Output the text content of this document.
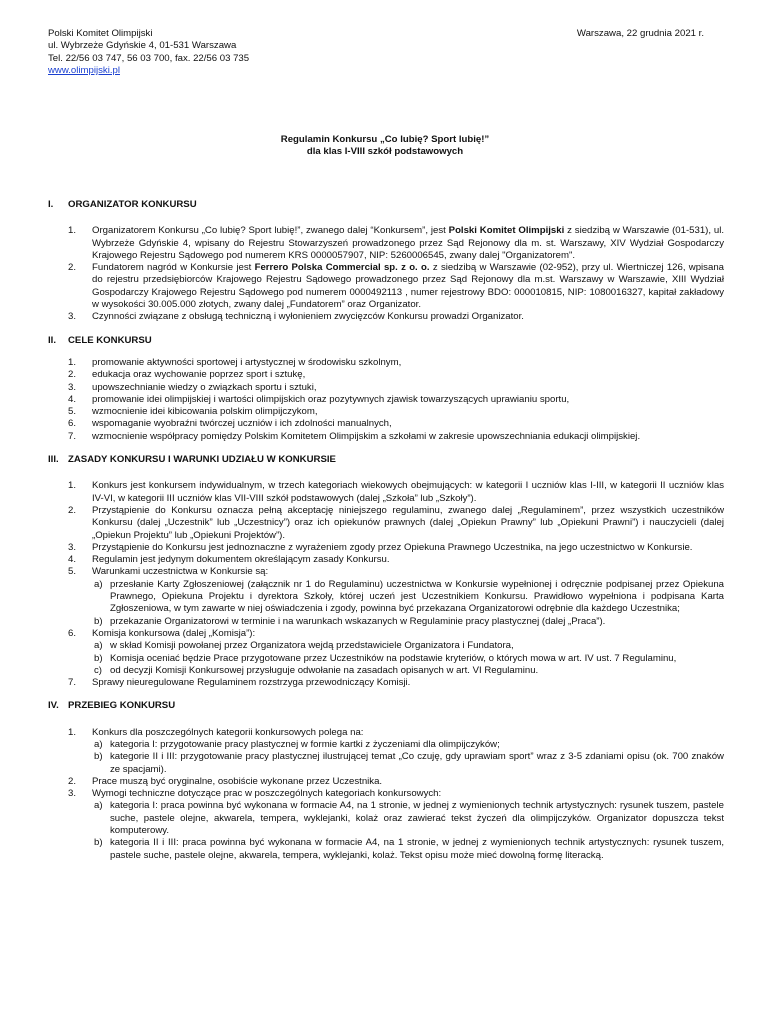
Polski Komitet Olimpijski
ul. Wybrzeże Gdyńskie 4, 01-531 Warszawa
Tel. 22/56 03 747, 56 03 700, fax. 22/56 03 735
www.olimpijski.pl
Warszawa, 22 grudnia 2021 r.
Regulamin Konkursu „Co lubię? Sport lubię!”
dla klas I-VIII szkół podstawowych
I. ORGANIZATOR KONKURSU
1. Organizatorem Konkursu „Co lubię? Sport lubię!”, zwanego dalej “Konkursem”, jest Polski Komitet Olimpijski z siedzibą w Warszawie (01-531), ul. Wybrzeże Gdyńskie 4, wpisany do Rejestru Stowarzyszeń prowadzonego przez Sąd Rejonowy dla m. st. Warszawy, XIV Wydział Gospodarczy Krajowego Rejestru Sądowego pod numerem KRS 0000057907, NIP: 5260006545, zwany dalej "Organizatorem".
2. Fundatorem nagród w Konkursie jest Ferrero Polska Commercial sp. z o. o. z siedzibą w Warszawie (02-952), przy ul. Wiertniczej 126, wpisana do rejestru przedsiębiorców Krajowego Rejestru Sądowego prowadzonego przez Sąd Rejonowy dla m.st. Warszawy w Warszawie, XIII Wydział Gospodarczy Krajowego Rejestru Sądowego pod numerem 0000492113 , numer rejestrowy BDO: 000010815, NIP: 1080016327, kapitał zakładowy w wysokości 30.005.000 złotych, zwany dalej „Fundatorem” oraz Organizator.
3. Czynności związane z obsługą techniczną i wyłonieniem zwycięzców Konkursu prowadzi Organizator.
II. CELE KONKURSU
1. promowanie aktywności sportowej i artystycznej w środowisku szkolnym,
2. edukacja oraz wychowanie poprzez sport i sztukę,
3. upowszechnianie wiedzy o związkach sportu i sztuki,
4. promowanie idei olimpijskiej i wartości olimpijskich oraz pozytywnych zjawisk towarzyszących uprawianiu sportu,
5. wzmocnienie idei kibicowania polskim olimpijczykom,
6. wspomaganie wyobraźni twórczej uczniów i ich zdolności manualnych,
7. wzmocnienie współpracy pomiędzy Polskim Komitetem Olimpijskim a szkołami w zakresie upowszechniania edukacji olimpijskiej.
III. ZASADY KONKURSU I WARUNKI UDZIAŁU W KONKURSIE
1. Konkurs jest konkursem indywidualnym, w trzech kategoriach wiekowych obejmujących: w kategorii I uczniów klas I-III, w kategorii II uczniów klas IV-VI, w kategorii III uczniów klas VII-VIII szkół podstawowych (dalej „Szkoła” lub „Szkoły”).
2. Przystąpienie do Konkursu oznacza pełną akceptację niniejszego regulaminu, zwanego dalej „Regulaminem”, przez wszystkich uczestników Konkursu (dalej „Uczestnik” lub „Uczestnicy”) oraz ich opiekunów prawnych (dalej „Opiekun Prawny” lub „Opiekuni Prawni”) i nauczycieli (dalej „Opiekun Projektu” lub „Opiekuni Projektów”).
3. Przystąpienie do Konkursu jest jednoznaczne z wyrażeniem zgody przez Opiekuna Prawnego Uczestnika, na jego uczestnictwo w Konkursie.
4. Regulamin jest jedynym dokumentem określającym zasady Konkursu.
5. Warunkami uczestnictwa w Konkursie są:
a) przesłanie Karty Zgłoszeniowej (załącznik nr 1 do Regulaminu) uczestnictwa w Konkursie wypełnionej i odręcznie podpisanej przez Opiekuna Prawnego, Opiekuna Projektu i dyrektora Szkoły, której uczeń jest Uczestnikiem Konkursu. Prawidłowo wypełniona i podpisana Karta Zgłoszeniowa, w tym zawarte w niej oświadczenia i zgody, powinna być przekazana Organizatorowi odrębnie dla każdego Uczestnika;
b) przekazanie Organizatorowi w terminie i na warunkach wskazanych w Regulaminie pracy plastycznej (dalej „Praca”).
6. Komisja konkursowa (dalej „Komisja”):
a) w skład Komisji powołanej przez Organizatora wejdą przedstawiciele Organizatora i Fundatora,
b) Komisja oceniać będzie Prace przygotowane przez Uczestników na podstawie kryteriów, o których mowa w art. IV ust. 7 Regulaminu,
c) od decyzji Komisji Konkursowej przysługuje odwołanie na zasadach opisanych w art. VI Regulaminu.
7. Sprawy nieuregulowane Regulaminem rozstrzyga przewodniczący Komisji.
IV. PRZEBIEG KONKURSU
1. Konkurs dla poszczególnych kategorii konkursowych polega na:
a) kategoria I: przygotowanie pracy plastycznej w formie kartki z życzeniami dla olimpijczyków;
b) kategorie II i III: przygotowanie pracy plastycznej ilustrującej temat „Co czuję, gdy uprawiam sport” wraz z 3-5 zdaniami opisu (ok. 700 znaków ze spacjami).
2. Prace muszą być oryginalne, osobiście wykonane przez Uczestnika.
3. Wymogi techniczne dotyczące prac w poszczególnych kategoriach konkursowych:
a) kategoria I: praca powinna być wykonana w formacie A4, na 1 stronie, w jednej z wymienionych technik artystycznych: rysunek tuszem, pastele suche, pastele olejne, akwarela, tempera, wyklejanki, kolaż oraz zawierać tekst życzeń dla olimpijczyków. Organizator dopuszcza tekst komputerowy.
b) kategoria II i III: praca powinna być wykonana w formacie A4, na 1 stronie, w jednej z wymienionych technik artystycznych: rysunek tuszem, pastele suche, pastele olejne, akwarela, tempera, wyklejanki, kolaż. Tekst opisu może mieć dowolną formę literacką.
